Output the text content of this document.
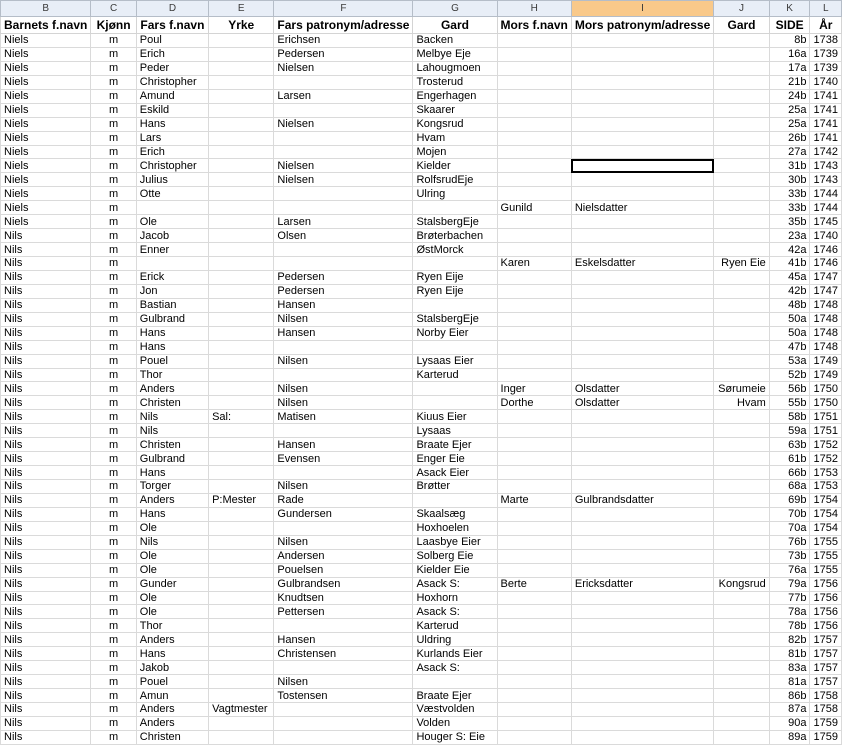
B	C	D	E	F	G	H	I	J	K	L
Barnets f.navn	Kjønn	Fars f.navn	Yrke	Fars patronym/adresse	Gard	Mors f.navn	Mors patronym/adresse	Gard	SIDE	År
Niels	m	Poul		Erichsen	Backen				8b	1738
Niels	m	Erich		Pedersen	Melbye Eje				16a	1739
Niels	m	Peder		Nielsen	Lahougmoen				17a	1739
Niels	m	Christopher			Trosterud				21b	1740
Niels	m	Amund		Larsen	Engerhagen				24b	1741
Niels	m	Eskild			Skaarer				25a	1741
Niels	m	Hans		Nielsen	Kongsrud				25a	1741
Niels	m	Lars			Hvam				26b	1741
Niels	m	Erich			Mojen				27a	1742
Niels	m	Christopher		Nielsen	Kielder				31b	1743
Niels	m	Julius		Nielsen	RolfsrudEje				30b	1743
Niels	m	Otte			Ulring				33b	1744
Niels	m					Gunild	Nielsdatter		33b	1744
Niels	m	Ole		Larsen	StalsbergEje				35b	1745
Nils	m	Jacob		Olsen	Brøterbachen				23a	1740
Nils	m	Enner			ØstMorck				42a	1746
Nils	m					Karen	Eskelsdatter	Ryen Eie	41b	1746
Nils	m	Erick		Pedersen	Ryen Eije				45a	1747
Nils	m	Jon		Pedersen	Ryen Eije				42b	1747
Nils	m	Bastian		Hansen					48b	1748
Nils	m	Gulbrand		Nilsen	StalsbergEje				50a	1748
Nils	m	Hans		Hansen	Norby Eier				50a	1748
Nils	m	Hans							47b	1748
Nils	m	Pouel		Nilsen	Lysaas Eier				53a	1749
Nils	m	Thor			Karterud				52b	1749
Nils	m	Anders		Nilsen		Inger	Olsdatter	Sørumeie	56b	1750
Nils	m	Christen		Nilsen		Dorthe	Olsdatter	Hvam	55b	1750
Nils	m	Nils	Sal:	Matisen	Kiuus Eier				58b	1751
Nils	m	Nils			Lysaas				59a	1751
Nils	m	Christen		Hansen	Braate Ejer				63b	1752
Nils	m	Gulbrand		Evensen	Enger Eie				61b	1752
Nils	m	Hans			Asack Eier				66b	1753
Nils	m	Torger		Nilsen	Brøtter				68a	1753
Nils	m	Anders	P:Mester	Rade		Marte	Gulbrandsdatter		69b	1754
Nils	m	Hans		Gundersen	Skaalsæg				70b	1754
Nils	m	Ole			Hoxhoelen				70a	1754
Nils	m	Nils		Nilsen	Laasbye Eier				76b	1755
Nils	m	Ole		Andersen	Solberg Eie				73b	1755
Nils	m	Ole		Pouelsen	Kielder Eie				76a	1755
Nils	m	Gunder		Gulbrandsen	Asack S:	Berte	Ericksdatter	Kongsrud	79a	1756
Nils	m	Ole		Knudtsen	Hoxhorn				77b	1756
Nils	m	Ole		Pettersen	Asack S:				78a	1756
Nils	m	Thor			Karterud				78b	1756
Nils	m	Anders		Hansen	Uldring				82b	1757
Nils	m	Hans		Christensen	Kurlands Eier				81b	1757
Nils	m	Jakob			Asack S:				83a	1757
Nils	m	Pouel		Nilsen					81a	1757
Nils	m	Amun		Tostensen	Braate Ejer				86b	1758
Nils	m	Anders	Vagtmester		Væstvolden				87a	1758
Nils	m	Anders			Volden				90a	1759
Nils	m	Christen			Houger S: Eie				89a	1759
